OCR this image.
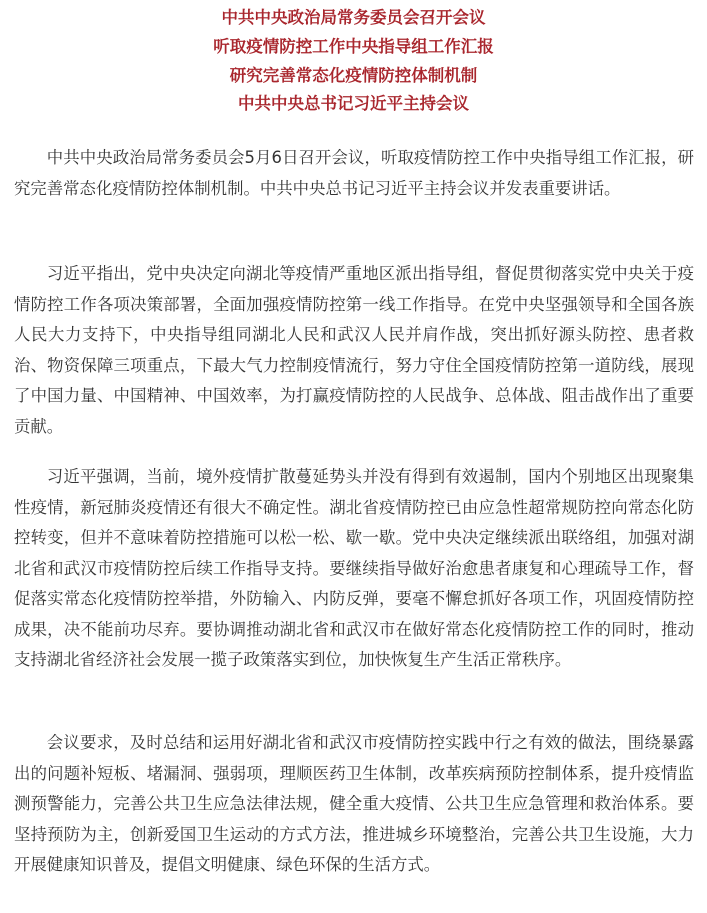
中共中央政治局常务委员会召开会议
听取疫情防控工作中央指导组工作汇报
研究完善常态化疫情防控体制机制
中共中央总书记习近平主持会议

中共中央政治局常务委员会5月6日召开会议，听取疫情防控工作中央指导组工作汇报，研究完善常态化疫情防控体制机制。中共中央总书记习近平主持会议并发表重要讲话。

习近平指出，党中央决定向湖北等疫情严重地区派出指导组，督促贯彻落实党中央关于疫情防控工作各项决策部署，全面加强疫情防控第一线工作指导。在党中央坚强领导和全国各族人民大力支持下，中央指导组同湖北人民和武汉人民并肩作战，突出抓好源头防控、患者救治、物资保障三项重点，下最大气力控制疫情流行，努力守住全国疫情防控第一道防线，展现了中国力量、中国精神、中国效率，为打赢疫情防控的人民战争、总体战、阻击战作出了重要贡献。

习近平强调，当前，境外疫情扩散蔓延势头并没有得到有效遏制，国内个别地区出现聚集性疫情，新冠肺炎疫情还有很大不确定性。湖北省疫情防控已由应急性超常规防控向常态化防控转变，但并不意味着防控措施可以松一松、歇一歇。党中央决定继续派出联络组，加强对湖北省和武汉市疫情防控后续工作指导支持。要继续指导做好治愈患者康复和心理疏导工作，督促落实常态化疫情防控举措，外防输入、内防反弹，要毫不懈怠抓好各项工作，巩固疫情防控成果，决不能前功尽弃。要协调推动湖北省和武汉市在做好常态化疫情防控工作的同时，推动支持湖北省经济社会发展一揽子政策落实到位，加快恢复生产生活正常秩序。

会议要求，及时总结和运用好湖北省和武汉市疫情防控实践中行之有效的做法，围绕暴露出的问题补短板、堵漏洞、强弱项，理顺医药卫生体制，改革疾病预防控制体系，提升疫情监测预警能力，完善公共卫生应急法律法规，健全重大疫情、公共卫生应急管理和救治体系。要坚持预防为主，创新爱国卫生运动的方式方法，推进城乡环境整治，完善公共卫生设施，大力开展健康知识普及，提倡文明健康、绿色环保的生活方式。
